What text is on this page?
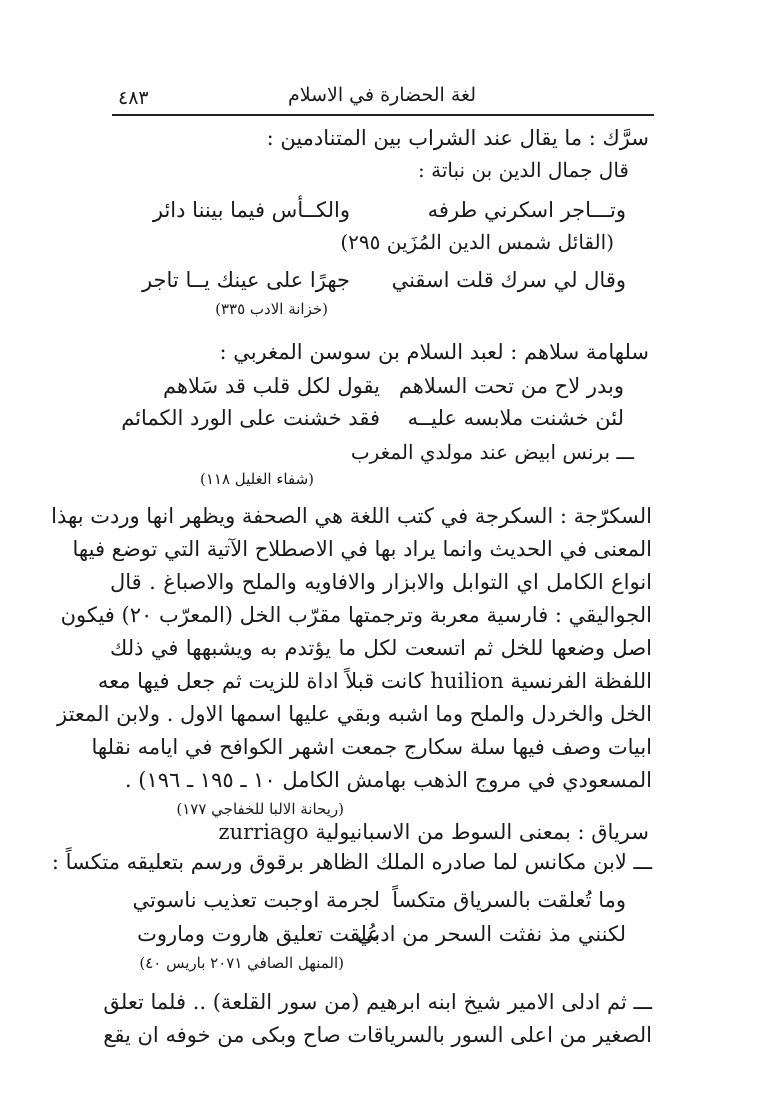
لغة الحضارة في الاسلام
٤٨٣
سرَّك : ما يقال عند الشراب بين المتنادمين :
قال جمال الدين بن نباتة :
وتـــاجر اسكرني طرفه
والكــأس فيما بيننا دائر
(القائل شمس الدين المُزَين ٢٩٥)
وقال لي سرك قلت اسقني
جهرًا على عينك يــا تاجر
(خزانة الادب ٣٣٥)
سلهامة سلاهم : لعبد السلام بن سوسن المغربي :
وبدر لاح من تحت السلاهم
يقول لكل قلب قد سَلاهم
لئن خشنت ملابسه عليــه
فقد خشنت على الورد الكمائم
ـــ برنس ابيض عند مولدي المغرب
(شفاء الغليل ١١٨)
السكرّجة : السكرجة في كتب اللغة هي الصحفة ويظهر انها وردت بهذا
المعنى في الحديث وانما يراد بها في الاصطلاح الآتية التي توضع فيها
انواع الكامل اي التوابل والابزار والافاويه والملح والاصباغ . قال
الجواليقي : فارسية معربة وترجمتها مقرّب الخل (المعرّب ٢٠) فيكون
اصل وضعها للخل ثم اتسعت لكل ما يؤتدم به ويشبهها في ذلك
اللفظة الفرنسية huilion كانت قبلاً اداة للزيت ثم جعل فيها معه
الخل والخردل والملح وما اشبه وبقي عليها اسمها الاول . ولابن المعتز
ابيات وصف فيها سلة سكارج جمعت اشهر الكوافح في ايامه نقلها
المسعودي في مروج الذهب بهامش الكامل ١٠ ـ ١٩٥ ـ ١٩٦) .
(ريحانة الالبا للخفاجي ١٧٧)
سرياق : بمعنى السوط من الاسبانيولية zurriago
ـــ لابن مكانس لما صادره الملك الظاهر برقوق ورسم بتعليقه متكساً :
وما تُعلقت بالسرياق متكساً
لجرمة اوجبت تعذيب ناسوتي
لكنني مذ نفثت السحر من ادبي
عُلقت تعليق هاروت وماروت
(المنهل الصافي ٢٠٧١ باريس ٤٠)
ـــ ثم ادلى الامير شيخ ابنه ابرهيم (من سور القلعة) .. فلما تعلق
الصغير من اعلى السور بالسرياقات صاح وبكى من خوفه ان يقع
